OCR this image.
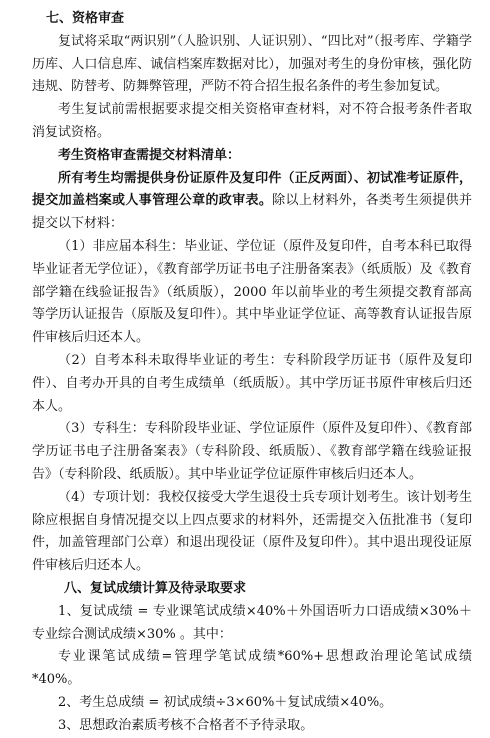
七、资格审查

复试将采取“两识别”（人脸识别、人证识别）、“四比对”（报考库、学籍学历库、人口信息库、诚信档案库数据对比），加强对考生的身份审核，强化防违规、防替考、防舞弊管理，严防不符合招生报名条件的考生参加复试。

考生复试前需根据要求提交相关资格审查材料，对不符合报考条件者取消复试资格。

考生资格审查需提交材料清单：

所有考生均需提供身份证原件及复印件（正反两面）、初试准考证原件，提交加盖档案或人事管理公章的政审表。除以上材料外，各类考生须提供并提交以下材料：

（1）非应届本科生：毕业证、学位证（原件及复印件，自考本科已取得毕业证者无学位证），《教育部学历证书电子注册备案表》（纸质版）及《教育部学籍在线验证报告》（纸质版），2000 年以前毕业的考生须提交教育部高等学历认证报告（原版及复印件）。其中毕业证学位证、高等教育认证报告原件审核后归还本人。

（2）自考本科未取得毕业证的考生：专科阶段学历证书（原件及复印件）、自考办开具的自考生成绩单（纸质版）。其中学历证书原件审核后归还本人。

（3）专科生：专科阶段毕业证、学位证原件（原件及复印件）、《教育部学历证书电子注册备案表》（专科阶段、纸质版）、《教育部学籍在线验证报告》（专科阶段、纸质版）。其中毕业证学位证原件审核后归还本人。

（4）专项计划：我校仅接受大学生退役士兵专项计划考生。该计划考生除应根据自身情况提交以上四点要求的材料外，还需提交入伍批准书（复印件，加盖管理部门公章）和退出现役证（原件及复印件）。其中退出现役证原件审核后归还本人。

八、复试成绩计算及待录取要求

1、复试成绩 = 专业课笔试成绩×40%＋外国语听力口语成绩×30%＋专业综合测试成绩×30% 。其中：

专业课笔试成绩=管理学笔试成绩*60%+思想政治理论笔试成绩*40%。

2、考生总成绩 = 初试成绩÷3×60%＋复试成绩×40%。

3、思想政治素质考核不合格者不予待录取。
